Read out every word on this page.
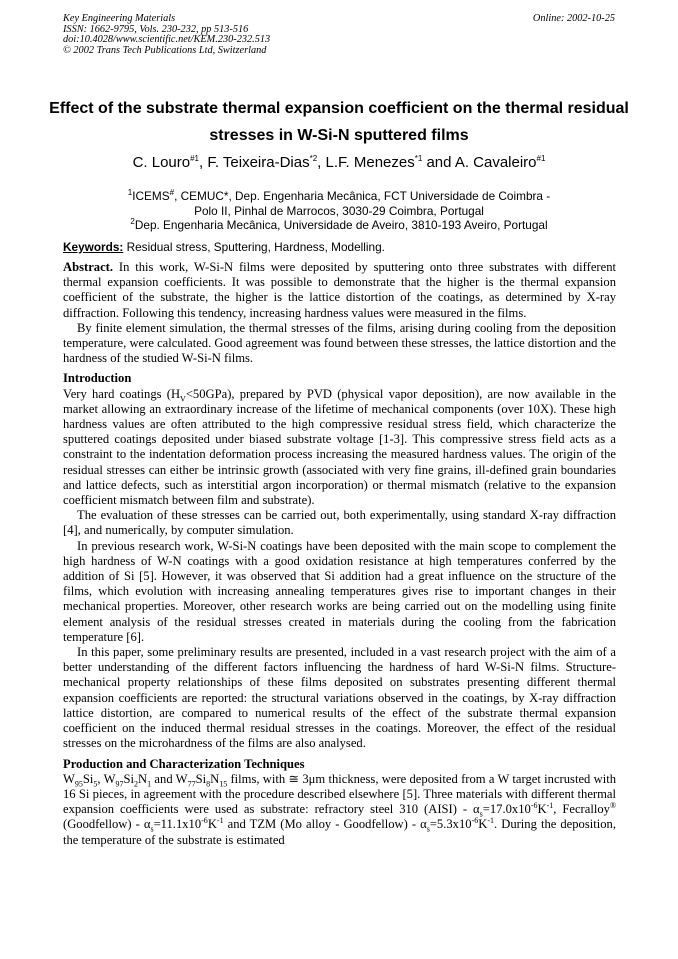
Key Engineering Materials
ISSN: 1662-9795, Vols. 230-232, pp 513-516
doi:10.4028/www.scientific.net/KEM.230-232.513
© 2002 Trans Tech Publications Ltd, Switzerland
Online: 2002-10-25
Effect of the substrate thermal expansion coefficient on the thermal residual stresses in W-Si-N sputtered films
C. Louro$^{\#1}$, F. Teixeira-Dias$^{*2}$, L.F. Menezes$^{*1}$ and A. Cavaleiro$^{\#1}$
$^1$ICEMS#, CEMUC*, Dep. Engenharia Mecânica, FCT Universidade de Coimbra -
Polo II, Pinhal de Marrocos, 3030-29 Coimbra, Portugal
$^2$Dep. Engenharia Mecânica, Universidade de Aveiro, 3810-193 Aveiro, Portugal
Keywords: Residual stress, Sputtering, Hardness, Modelling.

Abstract. In this work, W-Si-N films were deposited by sputtering onto three substrates with different thermal expansion coefficients. It was possible to demonstrate that the higher is the thermal expansion coefficient of the substrate, the higher is the lattice distortion of the coatings, as determined by X-ray diffraction. Following this tendency, increasing hardness values were measured in the films.

By finite element simulation, the thermal stresses of the films, arising during cooling from the deposition temperature, were calculated. Good agreement was found between these stresses, the lattice distortion and the hardness of the studied W-Si-N films.

Introduction

Very hard coatings $(H_V<50GPa)$, prepared by PVD (physical vapor deposition), are now available in the market allowing an extraordinary increase of the lifetime of mechanical components (over 10X). These high hardness values are often attributed to the high compressive residual stress field, which characterize the sputtered coatings deposited under biased substrate voltage [1-3]. This compressive stress field acts as a constraint to the indentation deformation process increasing the measured hardness values. The origin of the residual stresses can either be intrinsic growth (associated with very fine grains, ill-defined grain boundaries and lattice defects, such as interstitial argon incorporation) or thermal mismatch (relative to the expansion coefficient mismatch between film and substrate).

The evaluation of these stresses can be carried out, both experimentally, using standard X-ray diffraction [4], and numerically, by computer simulation.

In previous research work, W-Si-N coatings have been deposited with the main scope to complement the high hardness of W-N coatings with a good oxidation resistance at high temperatures conferred by the addition of Si [5]. However, it was observed that Si addition had a great influence on the structure of the films, which evolution with increasing annealing temperatures gives rise to important changes in their mechanical properties. Moreover, other research works are being carried out on the modelling using finite element analysis of the residual stresses created in materials during the cooling from the fabrication temperature [6].

In this paper, some preliminary results are presented, included in a vast research project with the aim of a better understanding of the different factors influencing the hardness of hard W-Si-N films. Structure-mechanical property relationships of these films deposited on substrates presenting different thermal expansion coefficients are reported: the structural variations observed in the coatings, by X-ray diffraction lattice distortion, are compared to numerical results of the effect of the substrate thermal expansion coefficient on the induced thermal residual stresses in the coatings. Moreover, the effect of the residual stresses on the microhardness of the films are also analysed.

Production and Characterization Techniques

$W_{95}Si_5$, $W_{97}Si_2N_1$ and $W_{77}Si_8N_{15}$ films, with ≅ 3μm thickness, were deposited from a W target incrusted with 16 Si pieces, in agreement with the procedure described elsewhere [5]. Three materials with different thermal expansion coefficients were used as substrate: refractory steel 310 (AISI) - $\alpha_s=17.0x10^{-6}K^{-1}$, Fecralloy® (Goodfellow) - $\alpha_s=11.1x10^{-6}K^{-1}$ and TZM (Mo alloy - Goodfellow) - $\alpha_s=5.3x10^{-6}K^{-1}$. During the deposition, the temperature of the substrate is estimated
